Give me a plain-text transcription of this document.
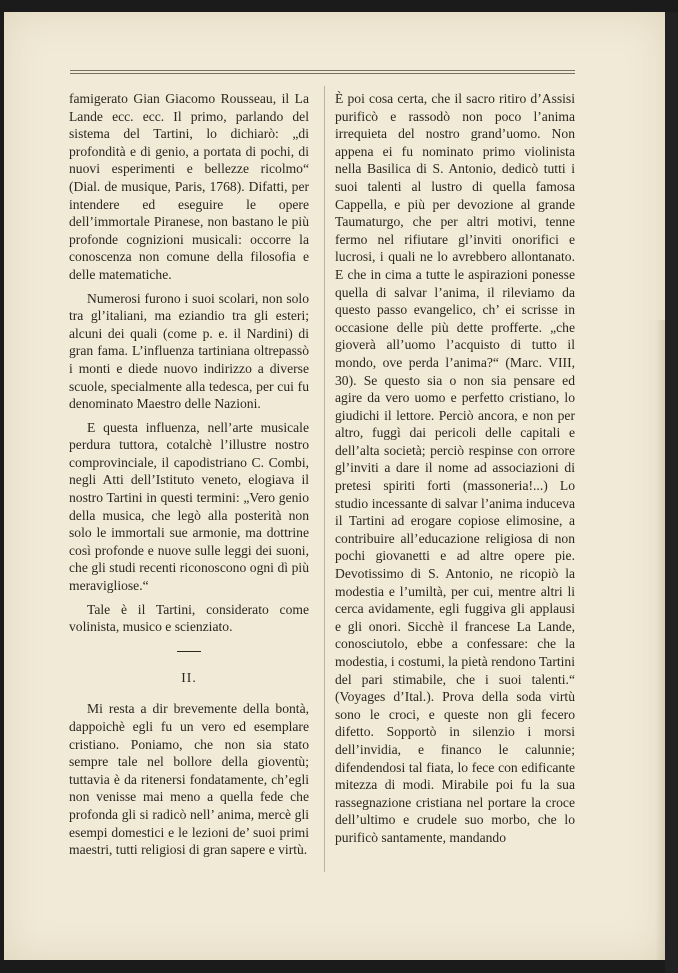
famigerato Gian Giacomo Rousseau, il La Lande ecc. ecc. Il primo, parlando del sistema del Tartini, lo dichiarò: „di profondità e di genio, a portata di pochi, di nuovi esperimenti e bellezze ricolmo“ (Dial. de musique, Paris, 1768). Difatti, per intendere ed eseguire le opere dell’immortale Piranese, non bastano le più profonde cognizioni musicali: occorre la conoscenza non comune della filosofia e delle matematiche.

Numerosi furono i suoi scolari, non solo tra gl’italiani, ma eziandio tra gli esteri; alcuni dei quali (come p. e. il Nardini) di gran fama. L’influenza tartiniana oltrepassò i monti e diede nuovo indirizzo a diverse scuole, specialmente alla tedesca, per cui fu denominato Maestro delle Nazioni.

E questa influenza, nell’arte musicale perdura tuttora, cotalchè l’illustre nostro comprovinciale, il capodistriano C. Combi, negli Atti dell’Istituto veneto, elogiava il nostro Tartini in questi termini: „Vero genio della musica, che legò alla posterità non solo le immortali sue armonie, ma dottrine così profonde e nuove sulle leggi dei suoni, che gli studi recenti riconoscono ogni dì più meravigliose.“

Tale è il Tartini, considerato come volinista, musico e scienziato.

II.

Mi resta a dir brevemente della bontà, dappoichè egli fu un vero ed esemplare cristiano. Poniamo, che non sia stato sempre tale nel bollore della gioventù; tuttavia è da ritenersi fondatamente, ch’egli non venisse mai meno a quella fede che profonda gli si radicò nell’ anima, mercè gli esempi domestici e le lezioni de’ suoi primi maestri, tutti religiosi di gran sapere e virtù.

È poi cosa certa, che il sacro ritiro d’Assisi purificò e rassodò non poco l’anima irrequieta del nostro grand’uomo. Non appena ei fu nominato primo violinista nella Basilica di S. Antonio, dedicò tutti i suoi talenti al lustro di quella famosa Cappella, e più per devozione al grande Taumaturgo, che per altri motivi, tenne fermo nel rifiutare gl’inviti onorifici e lucrosi, i quali ne lo avrebbero allontanato. E che in cima a tutte le aspirazioni ponesse quella di salvar l’anima, il rileviamo da questo passo evangelico, ch’ ei scrisse in occasione delle più dette profferte. „che gioverà all’uomo l’acquisto di tutto il mondo, ove perda l’anima?“ (Marc. VIII, 30). Se questo sia o non sia pensare ed agire da vero uomo e perfetto cristiano, lo giudichi il lettore. Perciò ancora, e non per altro, fuggì dai pericoli delle capitali e dell’alta società; perciò respinse con orrore gl’inviti a dare il nome ad associazioni di pretesi spiriti forti (massoneria!...) Lo studio incessante di salvar l’anima induceva il Tartini ad erogare copiose elimosine, a contribuire all’educazione religiosa di non pochi giovanetti e ad altre opere pie. Devotissimo di S. Antonio, ne ricopiò la modestia e l’umiltà, per cui, mentre altri li cerca avidamente, egli fuggiva gli applausi e gli onori. Sicchè il francese La Lande, conosciutolo, ebbe a confessare: che la modestia, i costumi, la pietà rendono Tartini del pari stimabile, che i suoi talenti.“ (Voyages d’Ital.). Prova della soda virtù sono le croci, e queste non gli fecero difetto. Sopportò in silenzio i morsi dell’invidia, e financo le calunnie; difendendosi tal fiata, lo fece con edificante mitezza di modi. Mirabile poi fu la sua rassegnazione cristiana nel portare la croce dell’ultimo e crudele suo morbo, che lo purificò santamente, mandando
